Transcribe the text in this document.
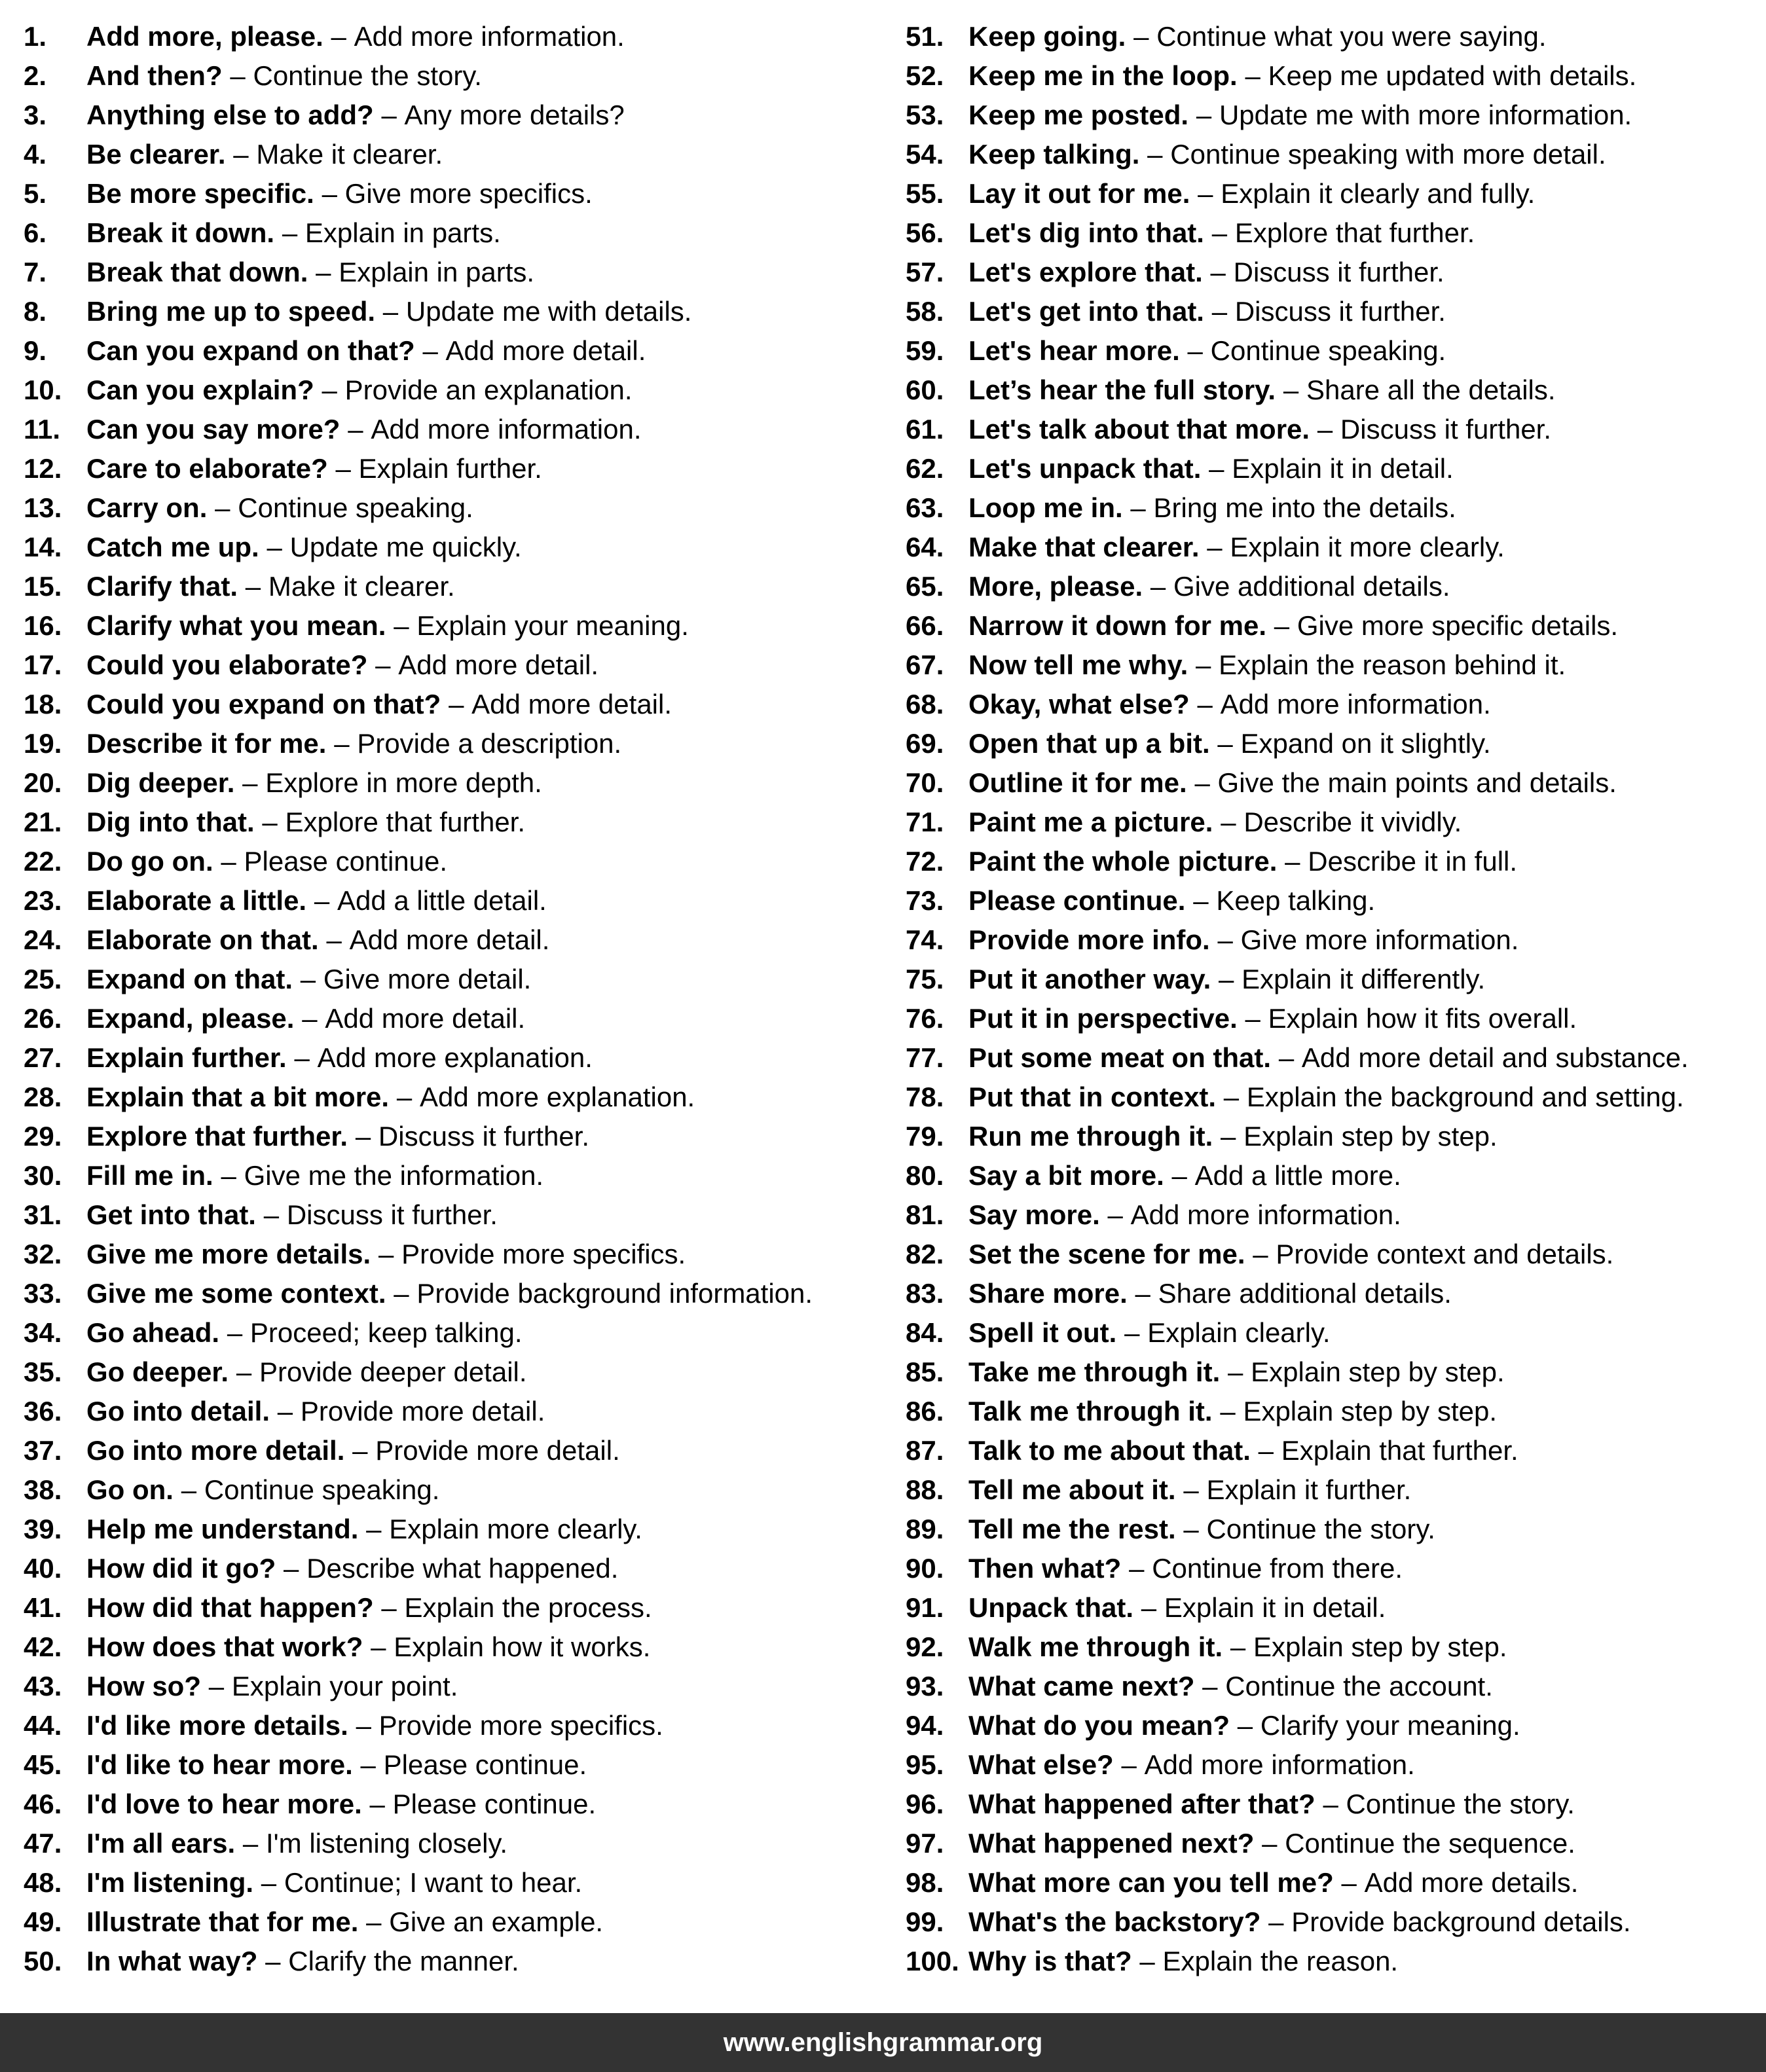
1.	Add more, please. – Add more information.
2.	And then? – Continue the story.
3.	Anything else to add? – Any more details?
4.	Be clearer. – Make it clearer.
5.	Be more specific. – Give more specifics.
6.	Break it down. – Explain in parts.
7.	Break that down. – Explain in parts.
8.	Bring me up to speed. – Update me with details.
9.	Can you expand on that? – Add more detail.
10. Can you explain? – Provide an explanation.
11. Can you say more? – Add more information.
12. Care to elaborate? – Explain further.
13. Carry on. – Continue speaking.
14. Catch me up. – Update me quickly.
15. Clarify that. – Make it clearer.
16. Clarify what you mean. – Explain your meaning.
17. Could you elaborate? – Add more detail.
18. Could you expand on that? – Add more detail.
19. Describe it for me. – Provide a description.
20. Dig deeper. – Explore in more depth.
21. Dig into that. – Explore that further.
22. Do go on. – Please continue.
23. Elaborate a little. – Add a little detail.
24. Elaborate on that. – Add more detail.
25. Expand on that. – Give more detail.
26. Expand, please. – Add more detail.
27. Explain further. – Add more explanation.
28. Explain that a bit more. – Add more explanation.
29. Explore that further. – Discuss it further.
30. Fill me in. – Give me the information.
31. Get into that. – Discuss it further.
32. Give me more details. – Provide more specifics.
33. Give me some context. – Provide background information.
34. Go ahead. – Proceed; keep talking.
35. Go deeper. – Provide deeper detail.
36. Go into detail. – Provide more detail.
37. Go into more detail. – Provide more detail.
38. Go on. – Continue speaking.
39. Help me understand. – Explain more clearly.
40. How did it go? – Describe what happened.
41. How did that happen? – Explain the process.
42. How does that work? – Explain how it works.
43. How so? – Explain your point.
44. I'd like more details. – Provide more specifics.
45. I'd like to hear more. – Please continue.
46. I'd love to hear more. – Please continue.
47. I'm all ears. – I'm listening closely.
48. I'm listening. – Continue; I want to hear.
49. Illustrate that for me. – Give an example.
50. In what way? – Clarify the manner.
51. Keep going. – Continue what you were saying.
52. Keep me in the loop. – Keep me updated with details.
53. Keep me posted. – Update me with more information.
54. Keep talking. – Continue speaking with more detail.
55. Lay it out for me. – Explain it clearly and fully.
56. Let's dig into that. – Explore that further.
57. Let's explore that. – Discuss it further.
58. Let's get into that. – Discuss it further.
59. Let's hear more. – Continue speaking.
60. Let’s hear the full story. – Share all the details.
61. Let's talk about that more. – Discuss it further.
62. Let's unpack that. – Explain it in detail.
63. Loop me in. – Bring me into the details.
64. Make that clearer. – Explain it more clearly.
65. More, please. – Give additional details.
66. Narrow it down for me. – Give more specific details.
67. Now tell me why. – Explain the reason behind it.
68. Okay, what else? – Add more information.
69. Open that up a bit. – Expand on it slightly.
70. Outline it for me. – Give the main points and details.
71. Paint me a picture. – Describe it vividly.
72. Paint the whole picture. – Describe it in full.
73. Please continue. – Keep talking.
74. Provide more info. – Give more information.
75. Put it another way. – Explain it differently.
76. Put it in perspective. – Explain how it fits overall.
77. Put some meat on that. – Add more detail and substance.
78. Put that in context. – Explain the background and setting.
79. Run me through it. – Explain step by step.
80. Say a bit more. – Add a little more.
81. Say more. – Add more information.
82. Set the scene for me. – Provide context and details.
83. Share more. – Share additional details.
84. Spell it out. – Explain clearly.
85. Take me through it. – Explain step by step.
86. Talk me through it. – Explain step by step.
87. Talk to me about that. – Explain that further.
88. Tell me about it. – Explain it further.
89. Tell me the rest. – Continue the story.
90. Then what? – Continue from there.
91. Unpack that. – Explain it in detail.
92. Walk me through it. – Explain step by step.
93. What came next? – Continue the account.
94. What do you mean? – Clarify your meaning.
95. What else? – Add more information.
96. What happened after that? – Continue the story.
97. What happened next? – Continue the sequence.
98. What more can you tell me? – Add more details.
99. What's the backstory? – Provide background details.
100. Why is that? – Explain the reason.
www.englishgrammar.org
